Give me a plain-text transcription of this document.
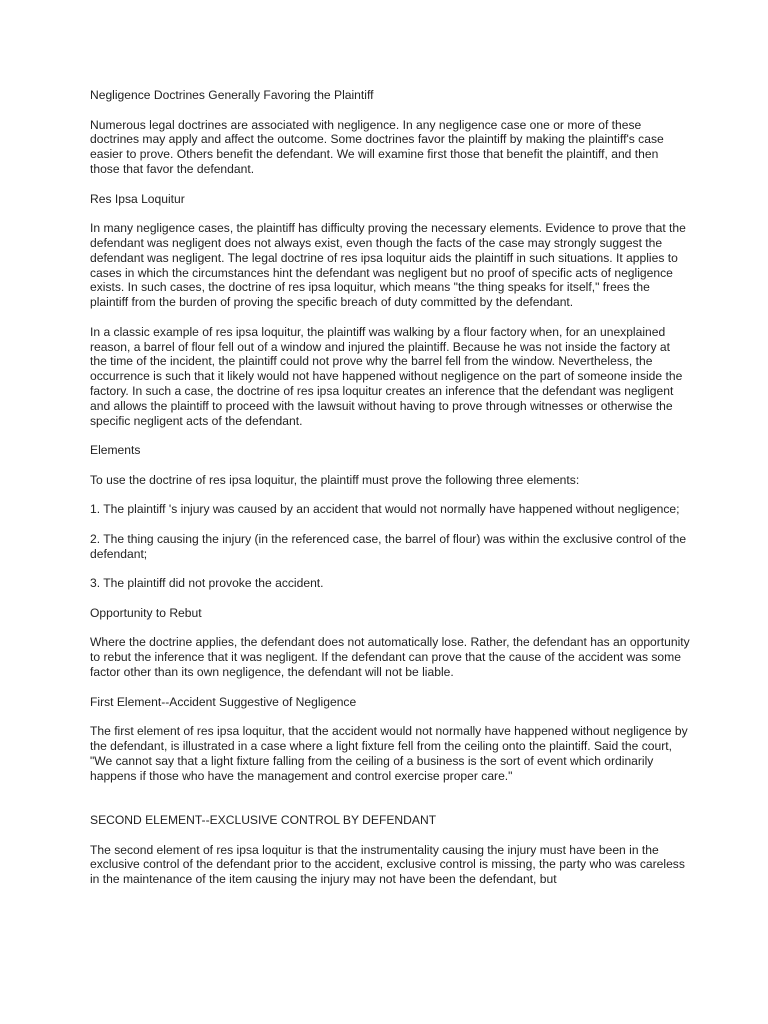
Negligence Doctrines Generally Favoring the Plaintiff

Numerous legal doctrines are associated with negligence. In any negligence case one or more of these doctrines may apply and affect the outcome. Some doctrines favor the plaintiff by making the plaintiff's case easier to prove. Others benefit the defendant. We will examine first those that benefit the plaintiff, and then those that favor the defendant.

Res Ipsa Loquitur

In many negligence cases, the plaintiff has difficulty proving the necessary elements. Evidence to prove that the defendant was negligent does not always exist, even though the facts of the case may strongly suggest the defendant was negligent. The legal doctrine of res ipsa loquitur aids the plaintiff in such situations. It applies to cases in which the circumstances hint the defendant was negligent but no proof of specific acts of negligence exists. In such cases, the doctrine of res ipsa loquitur, which means "the thing speaks for itself," frees the plaintiff from the burden of proving the specific breach of duty committed by the defendant.

In a classic example of res ipsa loquitur, the plaintiff was walking by a flour factory when, for an unexplained reason, a barrel of flour fell out of a window and injured the plaintiff. Because he was not inside the factory at the time of the incident, the plaintiff could not prove why the barrel fell from the window. Nevertheless, the occurrence is such that it likely would not have happened without negligence on the part of someone inside the factory. In such a case, the doctrine of res ipsa loquitur creates an inference that the defendant was negligent and allows the plaintiff to proceed with the lawsuit without having to prove through witnesses or otherwise the specific negligent acts of the defendant.

Elements

To use the doctrine of res ipsa loquitur, the plaintiff must prove the following three elements:

1. The plaintiff 's injury was caused by an accident that would not normally have happened without negligence;

2. The thing causing the injury (in the referenced case, the barrel of flour) was within the exclusive control of the defendant;

3. The plaintiff did not provoke the accident.

Opportunity to Rebut

Where the doctrine applies, the defendant does not automatically lose. Rather, the defendant has an opportunity to rebut the inference that it was negligent. If the defendant can prove that the cause of the accident was some factor other than its own negligence, the defendant will not be liable.

First Element--Accident Suggestive of Negligence

The first element of res ipsa loquitur, that the accident would not normally have happened without negligence by the defendant, is illustrated in a case where a light fixture fell from the ceiling onto the plaintiff. Said the court, "We cannot say that a light fixture falling from the ceiling of a business is the sort of event which ordinarily happens if those who have the management and control exercise proper care."

SECOND ELEMENT--EXCLUSIVE CONTROL BY DEFENDANT

The second element of res ipsa loquitur is that the instrumentality causing the injury must have been in the exclusive control of the defendant prior to the accident, exclusive control is missing, the party who was careless in the maintenance of the item causing the injury may not have been the defendant, but
